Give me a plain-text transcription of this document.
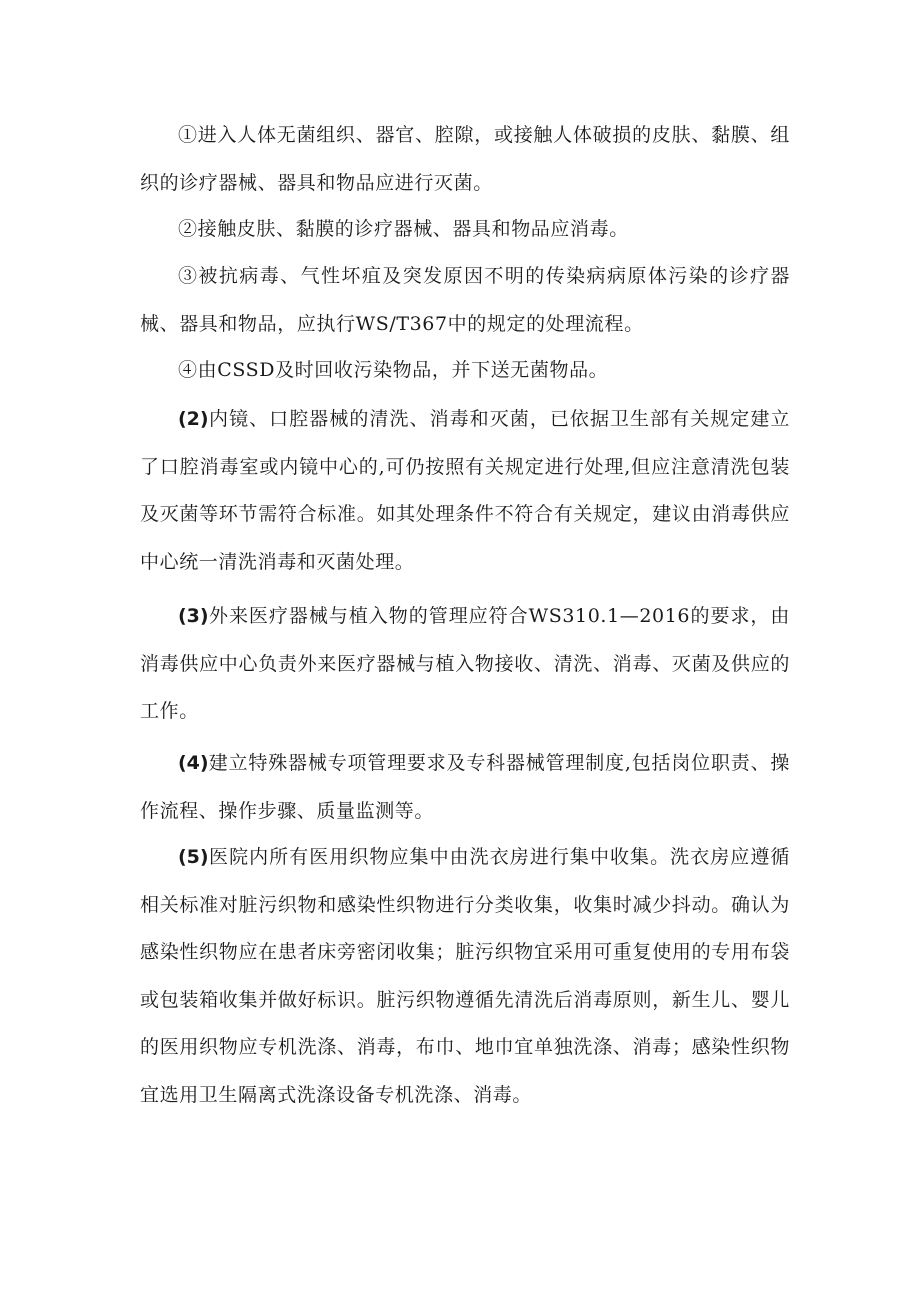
①进入人体无菌组织、器官、腔隙，或接触人体破损的皮肤、黏膜、组织的诊疗器械、器具和物品应进行灭菌。

②接触皮肤、黏膜的诊疗器械、器具和物品应消毒。

③被抗病毒、气性坏疽及突发原因不明的传染病病原体污染的诊疗器械、器具和物品，应执行WS/T367中的规定的处理流程。

④由CSSD及时回收污染物品，并下送无菌物品。

(2)内镜、口腔器械的清洗、消毒和灭菌，已依据卫生部有关规定建立了口腔消毒室或内镜中心的,可仍按照有关规定进行处理,但应注意清洗包装及灭菌等环节需符合标准。如其处理条件不符合有关规定，建议由消毒供应中心统一清洗消毒和灭菌处理。

(3)外来医疗器械与植入物的管理应符合WS310.1—2016的要求，由消毒供应中心负责外来医疗器械与植入物接收、清洗、消毒、灭菌及供应的工作。

(4)建立特殊器械专项管理要求及专科器械管理制度,包括岗位职责、操作流程、操作步骤、质量监测等。

(5)医院内所有医用织物应集中由洗衣房进行集中收集。洗衣房应遵循相关标准对脏污织物和感染性织物进行分类收集，收集时减少抖动。确认为感染性织物应在患者床旁密闭收集；脏污织物宜采用可重复使用的专用布袋或包装箱收集并做好标识。脏污织物遵循先清洗后消毒原则，新生儿、婴儿的医用织物应专机洗涤、消毒，布巾、地巾宜单独洗涤、消毒；感染性织物宜选用卫生隔离式洗涤设备专机洗涤、消毒。
